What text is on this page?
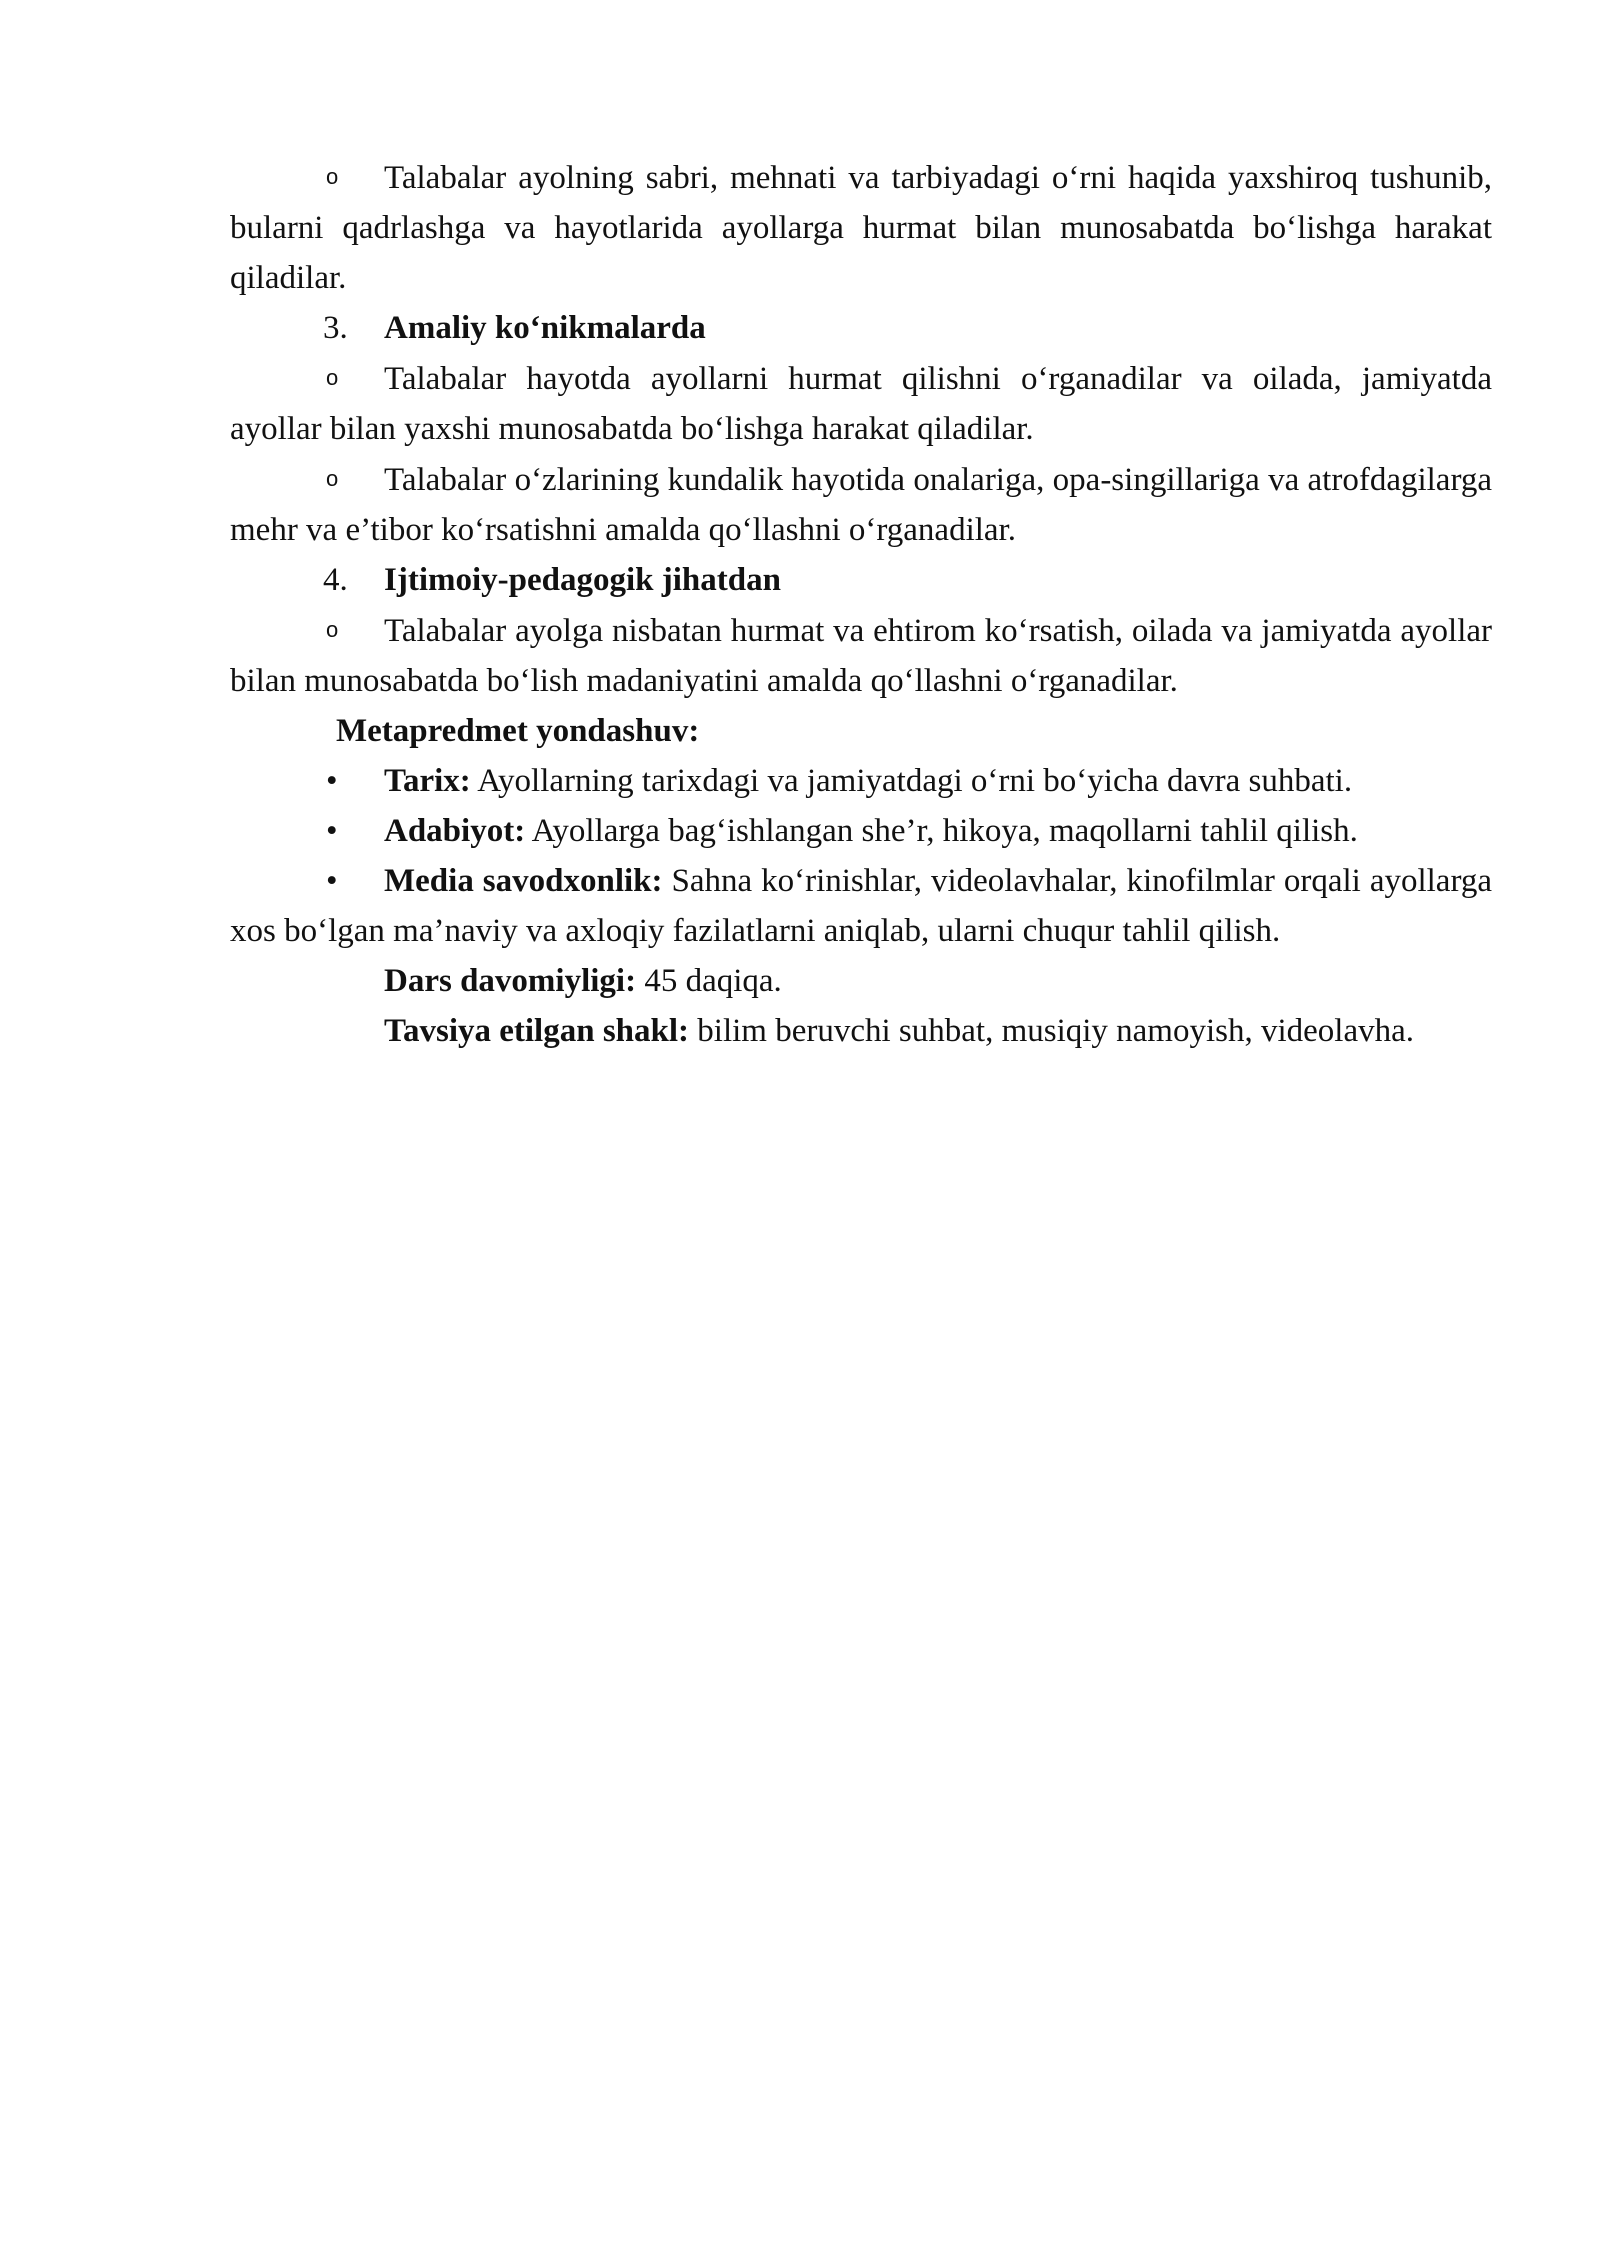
o Talabalar ayolning sabri, mehnati va tarbiyadagi o‘rni haqida yaxshiroq tushunib, bularni qadrlashga va hayotlarida ayollarga hurmat bilan munosabatda bo‘lishga harakat qiladilar.

3. Amaliy ko‘nikmalarda

o Talabalar hayotda ayollarni hurmat qilishni o‘rganadilar va oilada, jamiyatda ayollar bilan yaxshi munosabatda bo‘lishga harakat qiladilar.

o Talabalar o‘zlarining kundalik hayotida onalariga, opa-singillariga va atrofdagilarga mehr va e’tibor ko‘rsatishni amalda qo‘llashni o‘rganadilar.

4. Ijtimoiy-pedagogik jihatdan

o Talabalar ayolga nisbatan hurmat va ehtirom ko‘rsatish, oilada va jamiyatda ayollar bilan munosabatda bo‘lish madaniyatini amalda qo‘llashni o‘rganadilar.

Metapredmet yondashuv:

• Tarix: Ayollarning tarixdagi va jamiyatdagi o‘rni bo‘yicha davra suhbati.

• Adabiyot: Ayollarga bag‘ishlangan she’r, hikoya, maqollarni tahlil qilish.

• Media savodxonlik: Sahna ko‘rinishlar, videolavhalar, kinofilmlar orqali ayollarga xos bo‘lgan ma’naviy va axloqiy fazilatlarni aniqlab, ularni chuqur tahlil qilish.

Dars davomiyligi: 45 daqiqa.

Tavsiya etilgan shakl: bilim beruvchi suhbat, musiqiy namoyish, videolavha.
